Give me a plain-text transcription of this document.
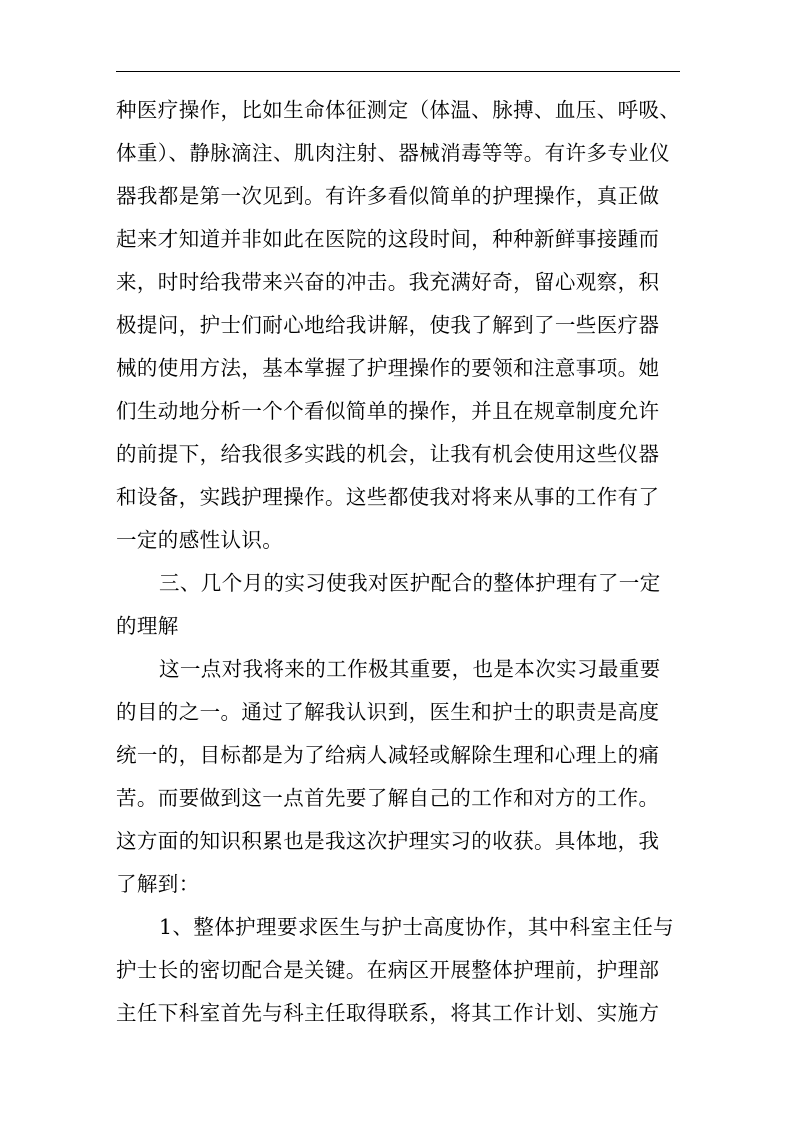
种医疗操作，比如生命体征测定（体温、脉搏、血压、呼吸、
体重）、静脉滴注、肌肉注射、器械消毒等等。有许多专业仪
器我都是第一次见到。有许多看似简单的护理操作，真正做
起来才知道并非如此在医院的这段时间，种种新鲜事接踵而
来，时时给我带来兴奋的冲击。我充满好奇，留心观察，积
极提问，护士们耐心地给我讲解，使我了解到了一些医疗器
械的使用方法，基本掌握了护理操作的要领和注意事项。她
们生动地分析一个个看似简单的操作，并且在规章制度允许
的前提下，给我很多实践的机会，让我有机会使用这些仪器
和设备，实践护理操作。这些都使我对将来从事的工作有了
一定的感性认识。
三、几个月的实习使我对医护配合的整体护理有了一定
的理解
这一点对我将来的工作极其重要，也是本次实习最重要
的目的之一。通过了解我认识到，医生和护士的职责是高度
统一的，目标都是为了给病人减轻或解除生理和心理上的痛
苦。而要做到这一点首先要了解自己的工作和对方的工作。
这方面的知识积累也是我这次护理实习的收获。具体地，我
了解到：
1、整体护理要求医生与护士高度协作，其中科室主任与
护士长的密切配合是关键。在病区开展整体护理前，护理部
主任下科室首先与科主任取得联系，将其工作计划、实施方
